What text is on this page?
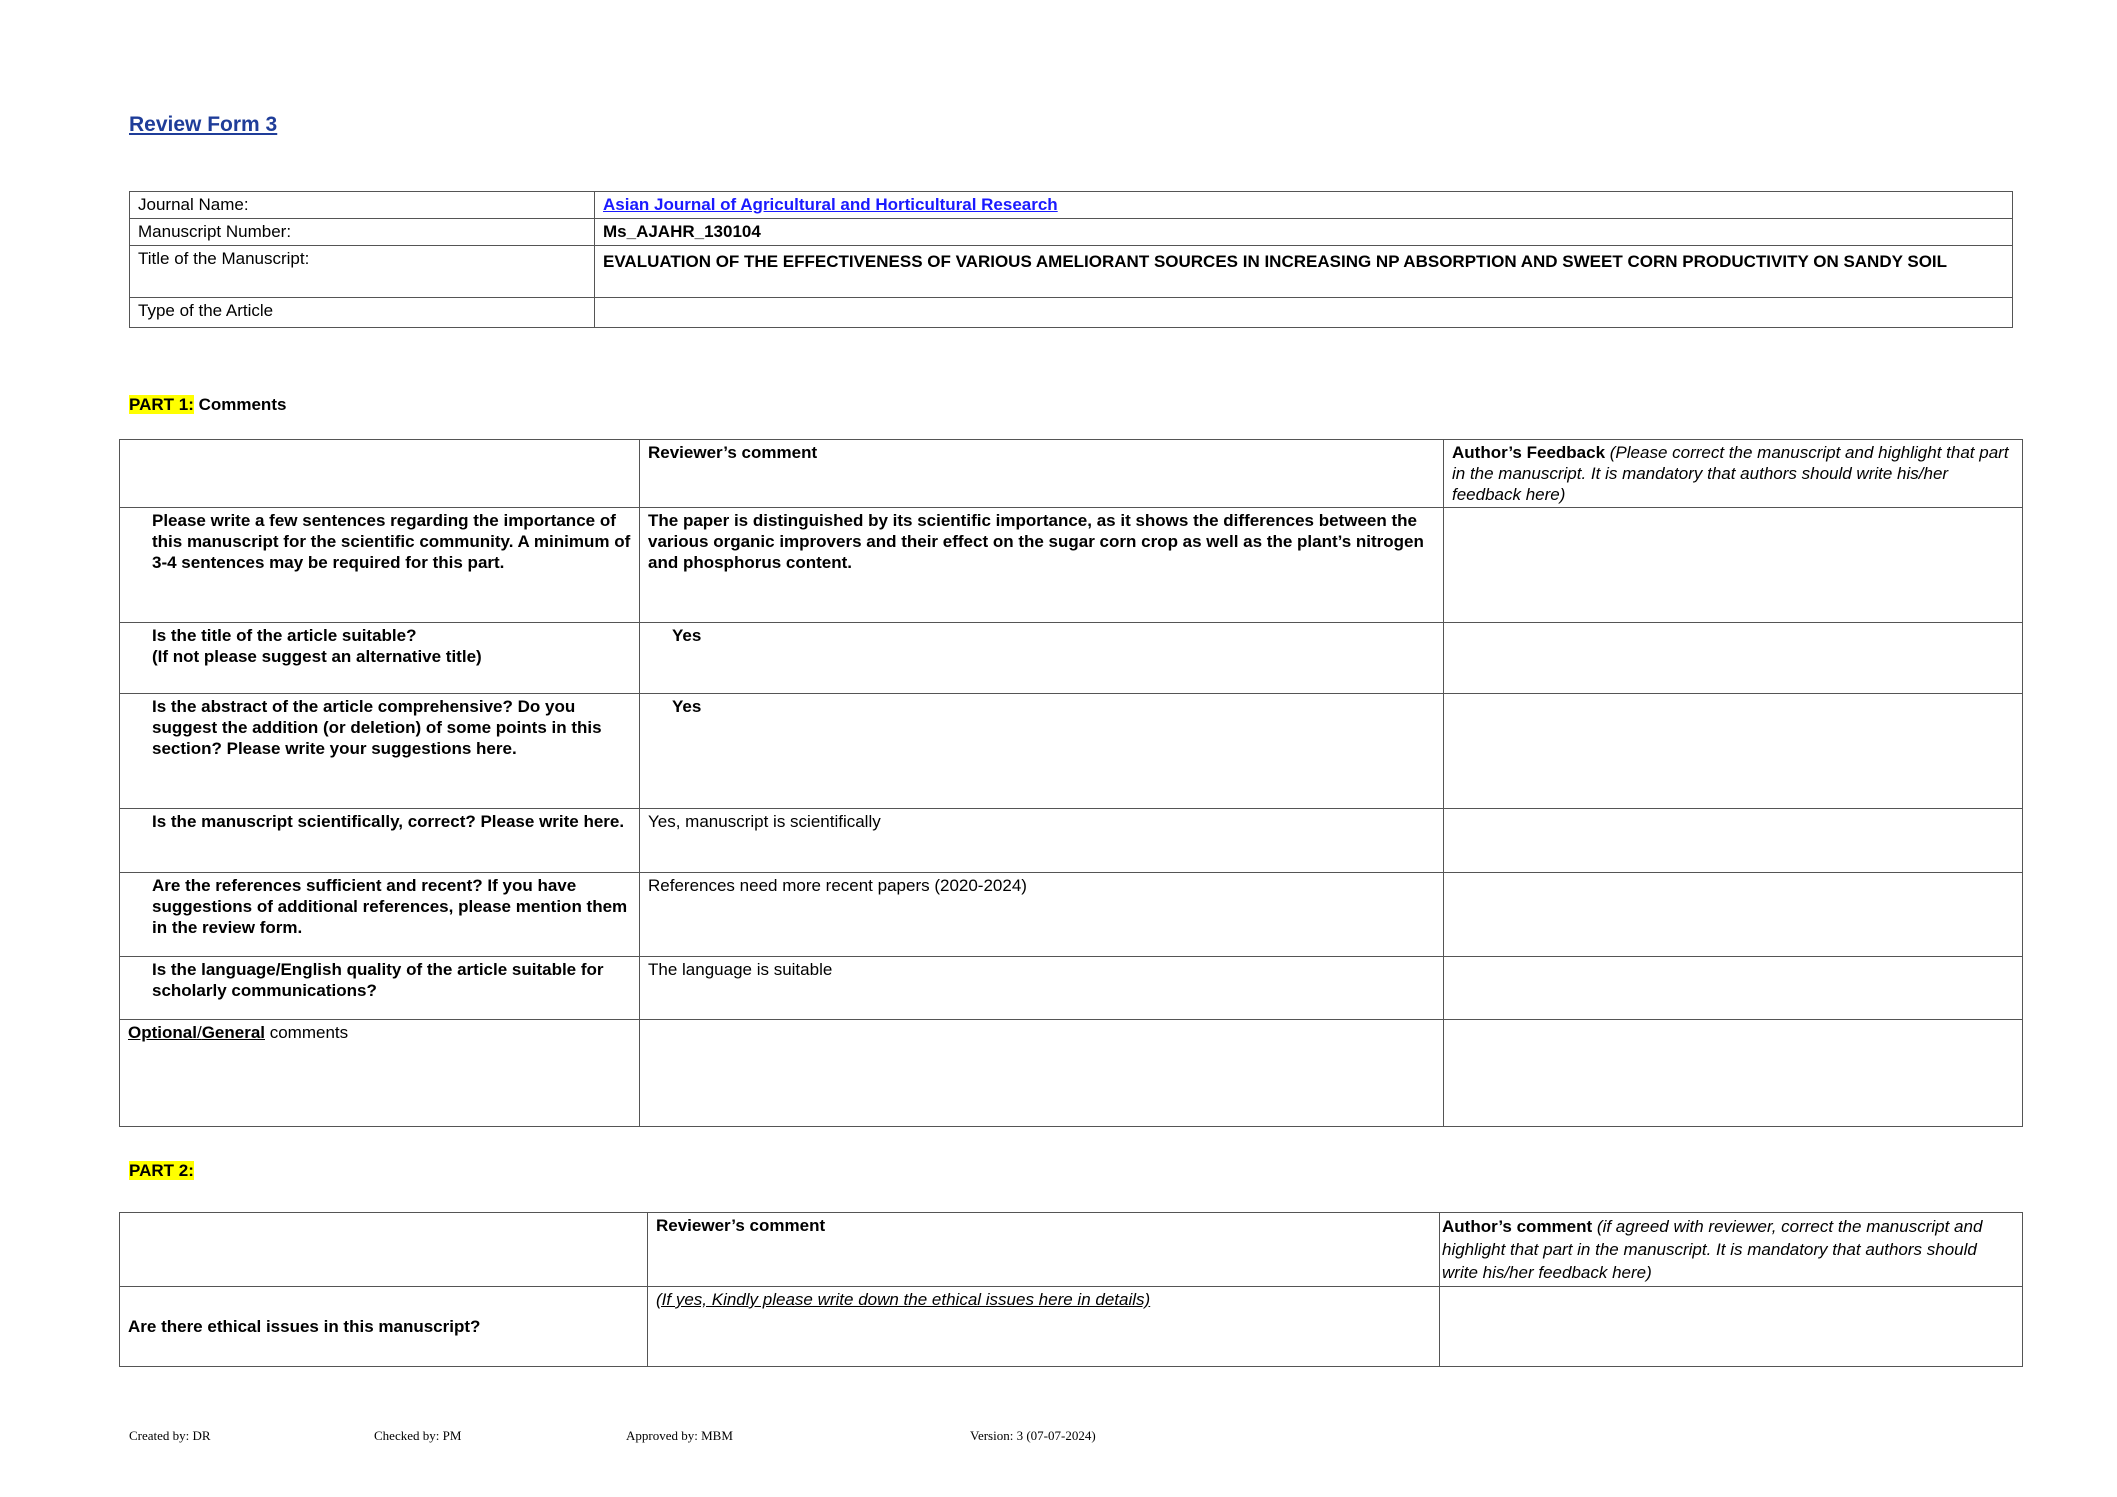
Review Form 3
Journal Name:	Asian Journal of Agricultural and Horticultural Research
Manuscript Number:	Ms_AJAHR_130104
Title of the Manuscript:	EVALUATION OF THE EFFECTIVENESS OF VARIOUS AMELIORANT SOURCES IN INCREASING NP ABSORPTION AND SWEET CORN PRODUCTIVITY ON SANDY SOIL
Type of the Article	
PART 1: Comments
	Reviewer’s comment	Author’s Feedback (Please correct the manuscript and highlight that part in the manuscript. It is mandatory that authors should write his/her feedback here)
Please write a few sentences regarding the importance of this manuscript for the scientific community. A minimum of 3-4 sentences may be required for this part.	The paper is distinguished by its scientific importance, as it shows the differences between the various organic improvers and their effect on the sugar corn crop as well as the plant’s nitrogen and phosphorus content.	

Is the title of the article suitable?
(If not please suggest an alternative title)	Yes	
Is the abstract of the article comprehensive? Do you suggest the addition (or deletion) of some points in this section? Please write your suggestions here.	Yes	
Is the manuscript scientifically, correct? Please write here.	Yes, manuscript is scientifically	
Are the references sufficient and recent? If you have suggestions of additional references, please mention them in the review form.	References need more recent papers (2020-2024)	
Is the language/English quality of the article suitable for scholarly communications?	The language is suitable	
Optional/General comments		
PART 2:
	Reviewer’s comment	Author’s comment (if agreed with reviewer, correct the manuscript and highlight that part in the manuscript. It is mandatory that authors should write his/her feedback here)
Are there ethical issues in this manuscript?	(If yes, Kindly please write down the ethical issues here in details)	
Created by: DR	Checked by: PM	Approved by: MBM	Version: 3 (07-07-2024)
